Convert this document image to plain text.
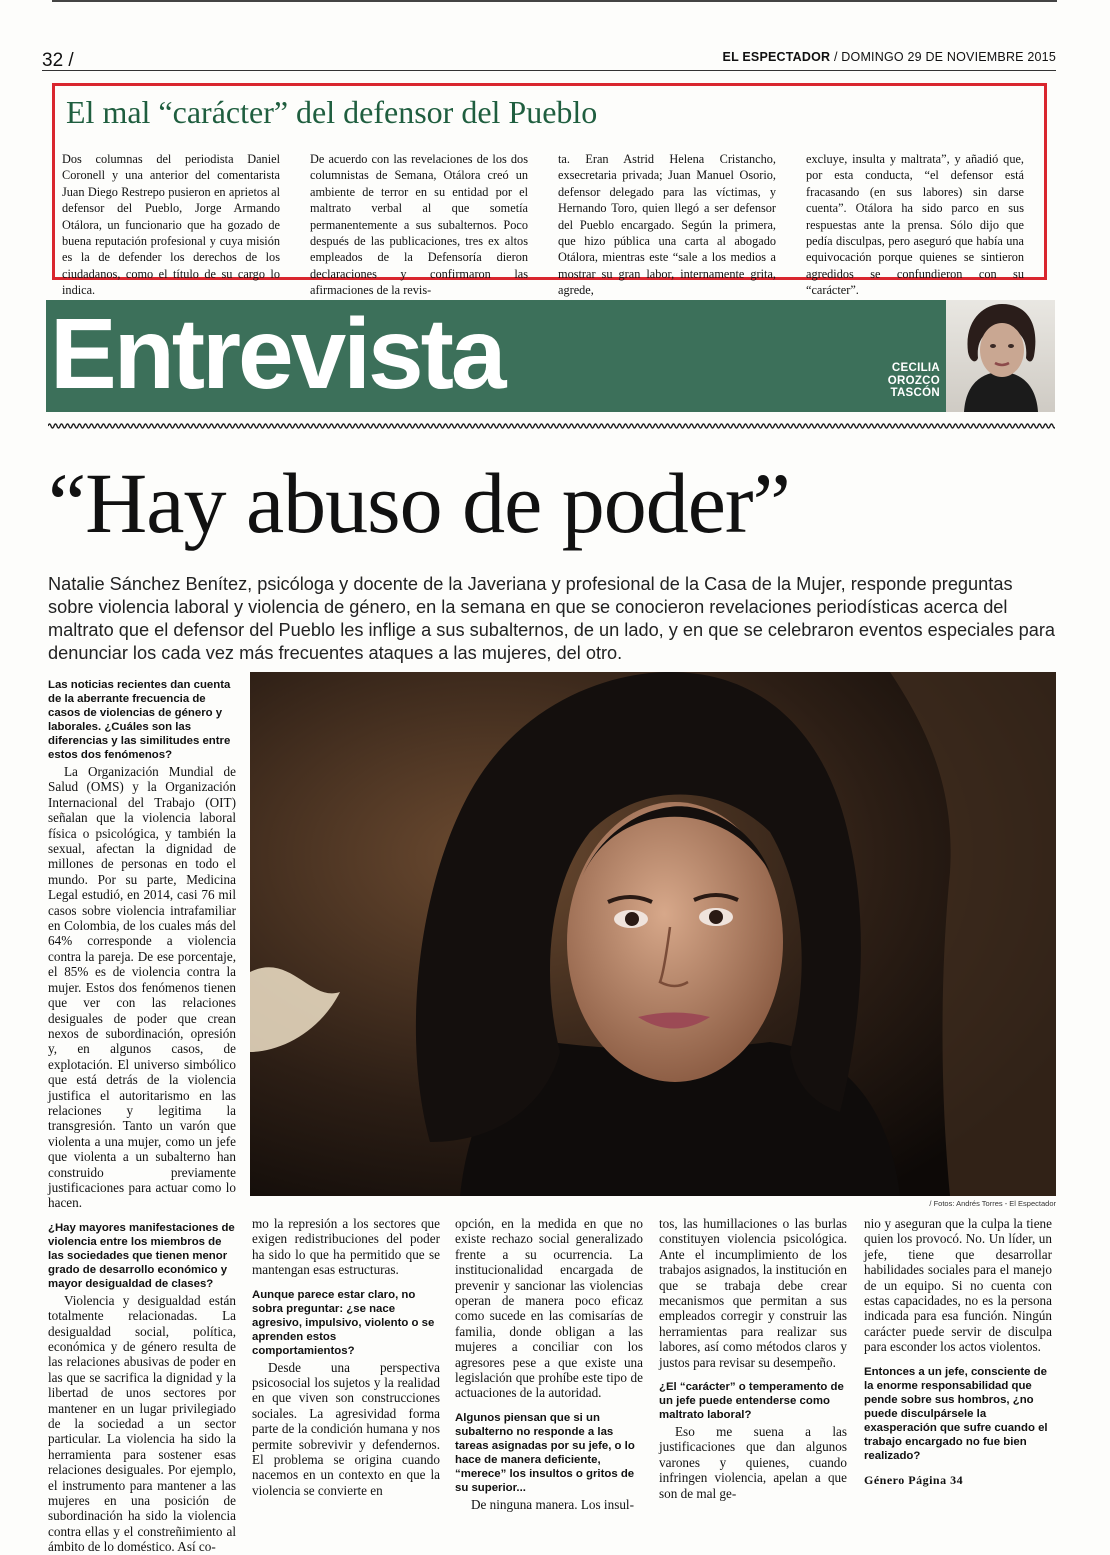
32 /	EL ESPECTADOR / DOMINGO 29 DE NOVIEMBRE 2015
El mal “carácter” del defensor del Pueblo
Dos columnas del periodista Daniel Coronell y una anterior del comentarista Juan Diego Restrepo pusieron en aprietos al defensor del Pueblo, Jorge Armando Otálora, un funcionario que ha gozado de buena reputación profesional y cuya misión es la de defender los derechos de los ciudadanos, como el título de su cargo lo indica.
De acuerdo con las revelaciones de los dos columnistas de Semana, Otálora creó un ambiente de terror en su entidad por el maltrato verbal al que sometía permanentemente a sus subalternos. Poco después de las publicaciones, tres ex altos empleados de la Defensoría dieron declaraciones y confirmaron las afirmaciones de la revis-
ta. Eran Astrid Helena Cristancho, exsecretaria privada; Juan Manuel Osorio, defensor delegado para las víctimas, y Hernando Toro, quien llegó a ser defensor del Pueblo encargado. Según la primera, que hizo pública una carta al abogado Otálora, mientras este “sale a los medios a mostrar su gran labor, internamente grita, agrede,
excluye, insulta y maltrata”, y añadió que, por esta conducta, “el defensor está fracasando (en sus labores) sin darse cuenta”. Otálora ha sido parco en sus respuestas ante la prensa. Sólo dijo que pedía disculpas, pero aseguró que había una equivocación porque quienes se sintieron agredidos se confundieron con su “carácter”.
Entrevista	CECILIA
OROZCO
TASCÓN
“Hay abuso de poder”
Natalie Sánchez Benítez, psicóloga y docente de la Javeriana y profesional de la Casa de la Mujer, responde preguntas sobre violencia laboral y violencia de género, en la semana en que se conocieron revelaciones periodísticas acerca del maltrato que el defensor del Pueblo les inflige a sus subalternos, de un lado, y en que se celebraron eventos especiales para denunciar los cada vez más frecuentes ataques a las mujeres, del otro.
/ Fotos: Andrés Torres - El Espectador
Las noticias recientes dan cuenta de la aberrante frecuencia de casos de violencias de género y laborales. ¿Cuáles son las diferencias y las similitudes entre estos dos fenómenos?

La Organización Mundial de Salud (OMS) y la Organización Internacional del Trabajo (OIT) señalan que la violencia laboral física o psicológica, y también la sexual, afectan la dignidad de millones de personas en todo el mundo. Por su parte, Medicina Legal estudió, en 2014, casi 76 mil casos sobre violencia intrafamiliar en Colombia, de los cuales más del 64% corresponde a violencia contra la pareja. De ese porcentaje, el 85% es de violencia contra la mujer. Estos dos fenómenos tienen que ver con las relaciones desiguales de poder que crean nexos de subordinación, opresión y, en algunos casos, de explotación. El universo simbólico que está detrás de la violencia justifica el autoritarismo en las relaciones y legitima la transgresión. Tanto un varón que violenta a una mujer, como un jefe que violenta a un subalterno han construido previamente justificaciones para actuar como lo hacen.

¿Hay mayores manifestaciones de violencia entre los miembros de las sociedades que tienen menor grado de desarrollo económico y mayor desigualdad de clases?

Violencia y desigualdad están totalmente relacionadas. La desigualdad social, política, económica y de género resulta de las relaciones abusivas de poder en las que se sacrifica la dignidad y la libertad de unos sectores por mantener en un lugar privilegiado de la sociedad a un sector particular. La violencia ha sido la herramienta para sostener esas relaciones desiguales. Por ejemplo, el instrumento para mantener a las mujeres en una posición de subordinación ha sido la violencia contra ellas y el constreñimiento al ámbito de lo doméstico. Así co-

mo la represión a los sectores que exigen redistribuciones del poder ha sido lo que ha permitido que se mantengan esas estructuras.

Aunque parece estar claro, no sobra preguntar: ¿se nace agresivo, impulsivo, violento o se aprenden estos comportamientos?

Desde una perspectiva psicosocial los sujetos y la realidad en que viven son construcciones sociales. La agresividad forma parte de la condición humana y nos permite sobrevivir y defendernos. El problema se origina cuando nacemos en un contexto en que la violencia se convierte en

opción, en la medida en que no existe rechazo social generalizado frente a su ocurrencia. La institucionalidad encargada de prevenir y sancionar las violencias operan de manera poco eficaz como sucede en las comisarías de familia, donde obligan a las mujeres a conciliar con los agresores pese a que existe una legislación que prohíbe este tipo de actuaciones de la autoridad.

Algunos piensan que si un subalterno no responde a las tareas asignadas por su jefe, o lo hace de manera deficiente, “merece” los insultos o gritos de su superior...

De ninguna manera. Los insul-

tos, las humillaciones o las burlas constituyen violencia psicológica. Ante el incumplimiento de los trabajos asignados, la institución en que se trabaja debe crear mecanismos que permitan a sus empleados corregir y construir las herramientas para realizar sus labores, así como métodos claros y justos para revisar su desempeño.

¿El “carácter” o temperamento de un jefe puede entenderse como maltrato laboral?

Eso me suena a las justificaciones que dan algunos varones y quienes, cuando infringen violencia, apelan a que son de mal ge-

nio y aseguran que la culpa la tiene quien los provocó. No. Un líder, un jefe, tiene que desarrollar habilidades sociales para el manejo de un equipo. Si no cuenta con estas capacidades, no es la persona indicada para esa función. Ningún carácter puede servir de disculpa para esconder los actos violentos.

Entonces a un jefe, consciente de la enorme responsabilidad que pende sobre sus hombros, ¿no puede disculpársele la exasperación que sufre cuando el trabajo encargado no fue bien realizado?
Género Página 34
